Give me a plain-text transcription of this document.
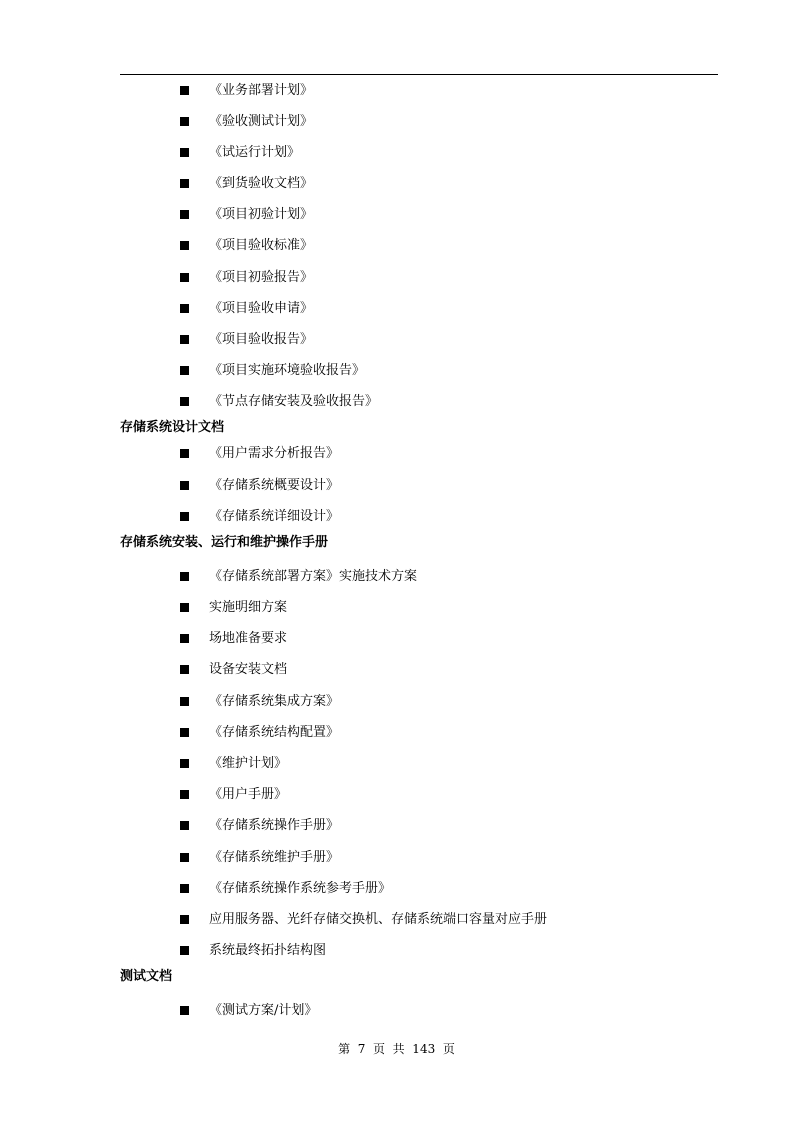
《业务部署计划》
《验收测试计划》
《试运行计划》
《到货验收文档》
《项目初验计划》
《项目验收标准》
《项目初验报告》
《项目验收申请》
《项目验收报告》
《项目实施环境验收报告》
《节点存储安装及验收报告》
存储系统设计文档
《用户需求分析报告》
《存储系统概要设计》
《存储系统详细设计》
存储系统安装、运行和维护操作手册
《存储系统部署方案》实施技术方案
实施明细方案
场地准备要求
设备安装文档
《存储系统集成方案》
《存储系统结构配置》
《维护计划》
《用户手册》
《存储系统操作手册》
《存储系统维护手册》
《存储系统操作系统参考手册》
应用服务器、光纤存储交换机、存储系统端口容量对应手册
系统最终拓扑结构图
测试文档
《测试方案/计划》
第  7  页  共  143  页
